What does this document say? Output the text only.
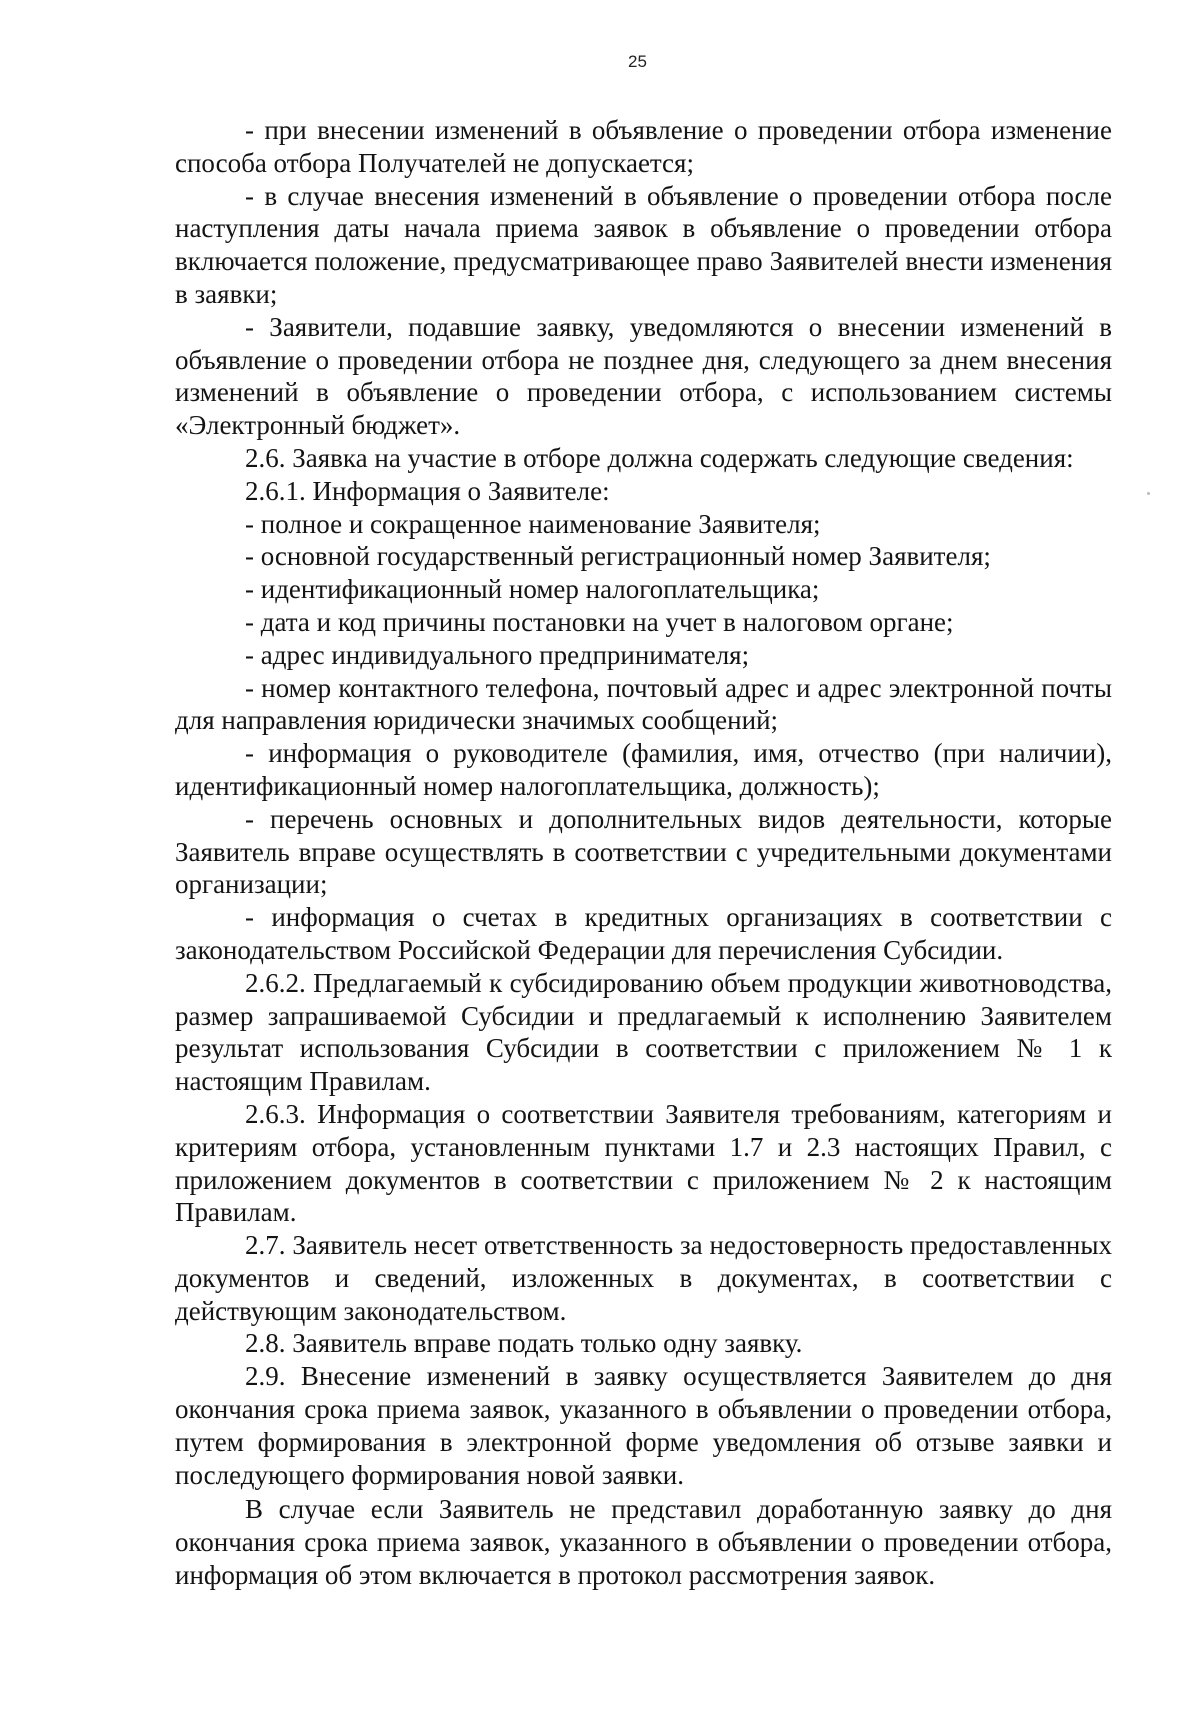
25

- при внесении изменений в объявление о проведении отбора изменение способа отбора Получателей не допускается;

- в случае внесения изменений в объявление о проведении отбора после наступления даты начала приема заявок в объявление о проведении отбора включается положение, предусматривающее право Заявителей внести изменения в заявки;

- Заявители, подавшие заявку, уведомляются о внесении изменений в объявление о проведении отбора не позднее дня, следующего за днем внесения изменений в объявление о проведении отбора, с использованием системы «Электронный бюджет».

2.6. Заявка на участие в отборе должна содержать следующие сведения:

2.6.1. Информация о Заявителе:

- полное и сокращенное наименование Заявителя;

- основной государственный регистрационный номер Заявителя;

- идентификационный номер налогоплательщика;

- дата и код причины постановки на учет в налоговом органе;

- адрес индивидуального предпринимателя;

- номер контактного телефона, почтовый адрес и адрес электронной почты для направления юридически значимых сообщений;

- информация о руководителе (фамилия, имя, отчество (при наличии), идентификационный номер налогоплательщика, должность);

- перечень основных и дополнительных видов деятельности, которые Заявитель вправе осуществлять в соответствии с учредительными документами организации;

- информация о счетах в кредитных организациях в соответствии с законодательством Российской Федерации для перечисления Субсидии.

2.6.2. Предлагаемый к субсидированию объем продукции животноводства, размер запрашиваемой Субсидии и предлагаемый к исполнению Заявителем результат использования Субсидии в соответствии с приложением № 1 к настоящим Правилам.

2.6.3. Информация о соответствии Заявителя требованиям, категориям и критериям отбора, установленным пунктами 1.7 и 2.3 настоящих Правил, с приложением документов в соответствии с приложением № 2 к настоящим Правилам.

2.7. Заявитель несет ответственность за недостоверность предоставленных документов и сведений, изложенных в документах, в соответствии с действующим законодательством.

2.8. Заявитель вправе подать только одну заявку.

2.9. Внесение изменений в заявку осуществляется Заявителем до дня окончания срока приема заявок, указанного в объявлении о проведении отбора, путем формирования в электронной форме уведомления об отзыве заявки и последующего формирования новой заявки.

В случае если Заявитель не представил доработанную заявку до дня окончания срока приема заявок, указанного в объявлении о проведении отбора, информация об этом включается в протокол рассмотрения заявок.
